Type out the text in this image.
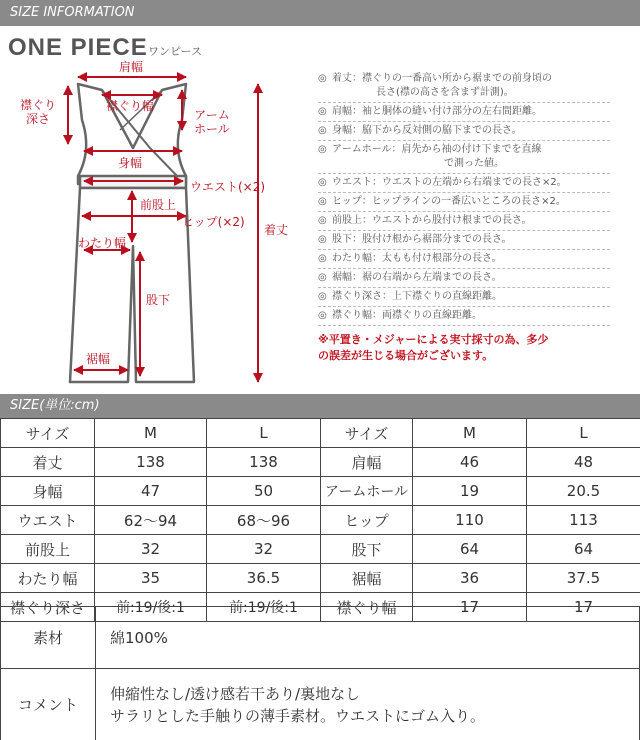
SIZE INFORMATION
ONE PIECE ワンピース
肩幅
襟ぐり幅
襟ぐり
深さ	アーム
ホール
身幅
ウエスト(×2)
前股上
ヒップ(×2)
わたり幅
着丈
股下
裾幅
◎ 着丈：襟ぐりの一番高い所から裾までの前身頃の
長さ(襟の高さを含まず計測)。
◎ 肩幅：袖と胴体の縫い付け部分の左右間距離。
◎ 身幅：脇下から反対側の脇下までの長さ。
◎ アームホール：肩先から袖の付け下までを直線
で測った値。
◎ ウエスト：ウエストの左端から右端までの長さ×2。
◎ ヒップ：ヒップラインの一番広いところの長さ×2。
◎ 前股上：ウエストから股付け根までの長さ。
◎ 股下：股付け根から裾部分までの長さ。
◎ わたり幅：太もも付け根部分の長さ。
◎ 裾幅：裾の右端から左端までの長さ。
◎ 襟ぐり深さ：上下襟ぐりの直線距離。
◎ 襟ぐり幅：両襟ぐりの直線距離。
※平置き・メジャーによる実寸採寸の為、多少
の誤差が生じる場合がございます。
SIZE(単位:cm)
サイズ	M	L	サイズ	M	L
着丈	138	138	肩幅	46	48
身幅	47	50	アームホール	19	20.5
ウエスト	62〜94	68〜96	ヒップ	110	113
前股上	32	32	股下	64	64
わたり幅	35	36.5	裾幅	36	37.5
襟ぐり深さ	前:19/後:1	前:19/後:1	襟ぐり幅	17	17
素材	綿100%
コメント	伸縮性なし/透け感若干あり/裏地なし
サラリとした手触りの薄手素材。ウエストにゴム入り。
